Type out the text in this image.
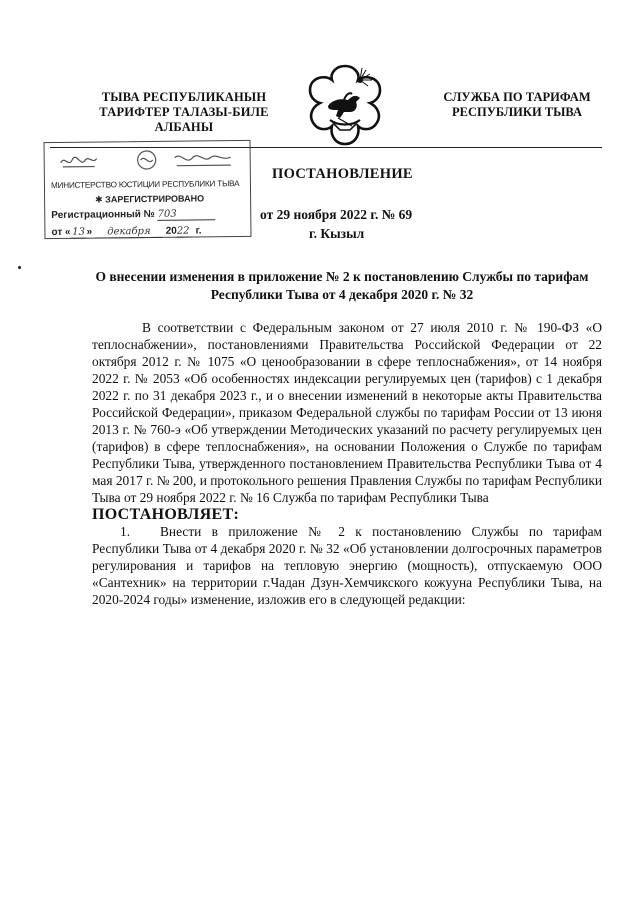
ТЫВА РЕСПУБЛИКАНЫН
ТАРИФТЕР ТАЛАЗЫ-БИЛЕ
АЛБАНЫ
СЛУЖБА ПО ТАРИФАМ
РЕСПУБЛИКИ ТЫВА
МИНИСТЕРСТВО ЮСТИЦИИ РЕСПУБЛИКИ ТЫВА
✱ ЗАРЕГИСТРИРОВАНО
Регистрационный № 703
от « 13 » декабря 2022 г.
ПОСТАНОВЛЕНИЕ
от 29 ноября 2022 г. № 69
г. Кызыл
О внесении изменения в приложение № 2 к постановлению Службы по тарифам Республики Тыва от 4 декабря 2020 г. № 32

В соответствии с Федеральным законом от 27 июля 2010 г. № 190-ФЗ «О теплоснабжении», постановлениями Правительства Российской Федерации от 22 октября 2012 г. № 1075 «О ценообразовании в сфере теплоснабжения», от 14 ноября 2022 г. № 2053 «Об особенностях индексации регулируемых цен (тарифов) с 1 декабря 2022 г. по 31 декабря 2023 г., и о внесении изменений в некоторые акты Правительства Российской Федерации», приказом Федеральной службы по тарифам России от 13 июня 2013 г. № 760-э «Об утверждении Методических указаний по расчету регулируемых цен (тарифов) в сфере теплоснабжения», на основании Положения о Службе по тарифам Республики Тыва, утвержденного постановлением Правительства Республики Тыва от 4 мая 2017 г. № 200, и протокольного решения Правления Службы по тарифам Республики Тыва от 29 ноября 2022 г. № 16 Служба по тарифам Республики Тыва

ПОСТАНОВЛЯЕТ:

1. Внести в приложение № 2 к постановлению Службы по тарифам Республики Тыва от 4 декабря 2020 г. № 32 «Об установлении долгосрочных параметров регулирования и тарифов на тепловую энергию (мощность), отпускаемую ООО «Сантехник» на территории г.Чадан Дзун-Хемчикского кожууна Республики Тыва, на 2020-2024 годы» изменение, изложив его в следующей редакции:
